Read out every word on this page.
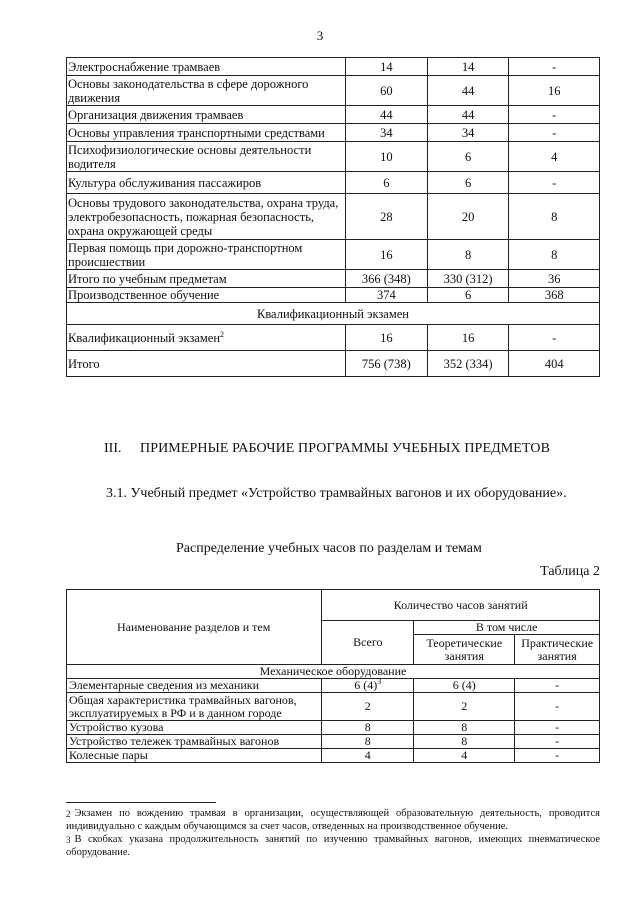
3
Электроснабжение трамваев	14	14	-
Основы законодательства в сфере дорожного движения	60	44	16
Организация движения трамваев	44	44	-
Основы управления транспортными средствами	34	34	-
Психофизиологические основы деятельности водителя	10	6	4
Культура обслуживания пассажиров	6	6	-
Основы трудового законодательства, охрана труда, электробезопасность, пожарная безопасность, охрана окружающей среды	28	20	8
Первая помощь при дорожно-транспортном происшествии	16	8	8
Итого по учебным предметам	366 (348)	330 (312)	36
Производственное обучение	374	6	368
Квалификационный экзамен			
Квалификационный экзамен$^2$	16	16	-
Итого	756 (738)	352 (334)	404
III. ПРИМЕРНЫЕ РАБОЧИЕ ПРОГРАММЫ УЧЕБНЫХ ПРЕДМЕТОВ
3.1. Учебный предмет «Устройство трамвайных вагонов и их оборудование».
Распределение учебных часов по разделам и темам
Таблица 2
Наименование разделов и тем	Количество часов занятий		
	Всего	В том числе	
		Теоретические занятия	Практические занятия
Механическое оборудование			
Элементарные сведения из механики	6 $(4)^3$	6 (4)	-
Общая характеристика трамвайных вагонов, эксплуатируемых в РФ и в данном городе	2	2	-
Устройство кузова	8	8	-
Устройство тележек трамвайных вагонов	8	8	-
Колесные пары	4	4	-
2 Экзамен по вождению трамвая в организации, осуществляющей образовательную деятельность, проводится индивидуально с каждым обучающимся за счет часов, отведенных на производственное обучение.
3 В скобках указана продолжительность занятий по изучению трамвайных вагонов, имеющих пневматическое оборудование.
